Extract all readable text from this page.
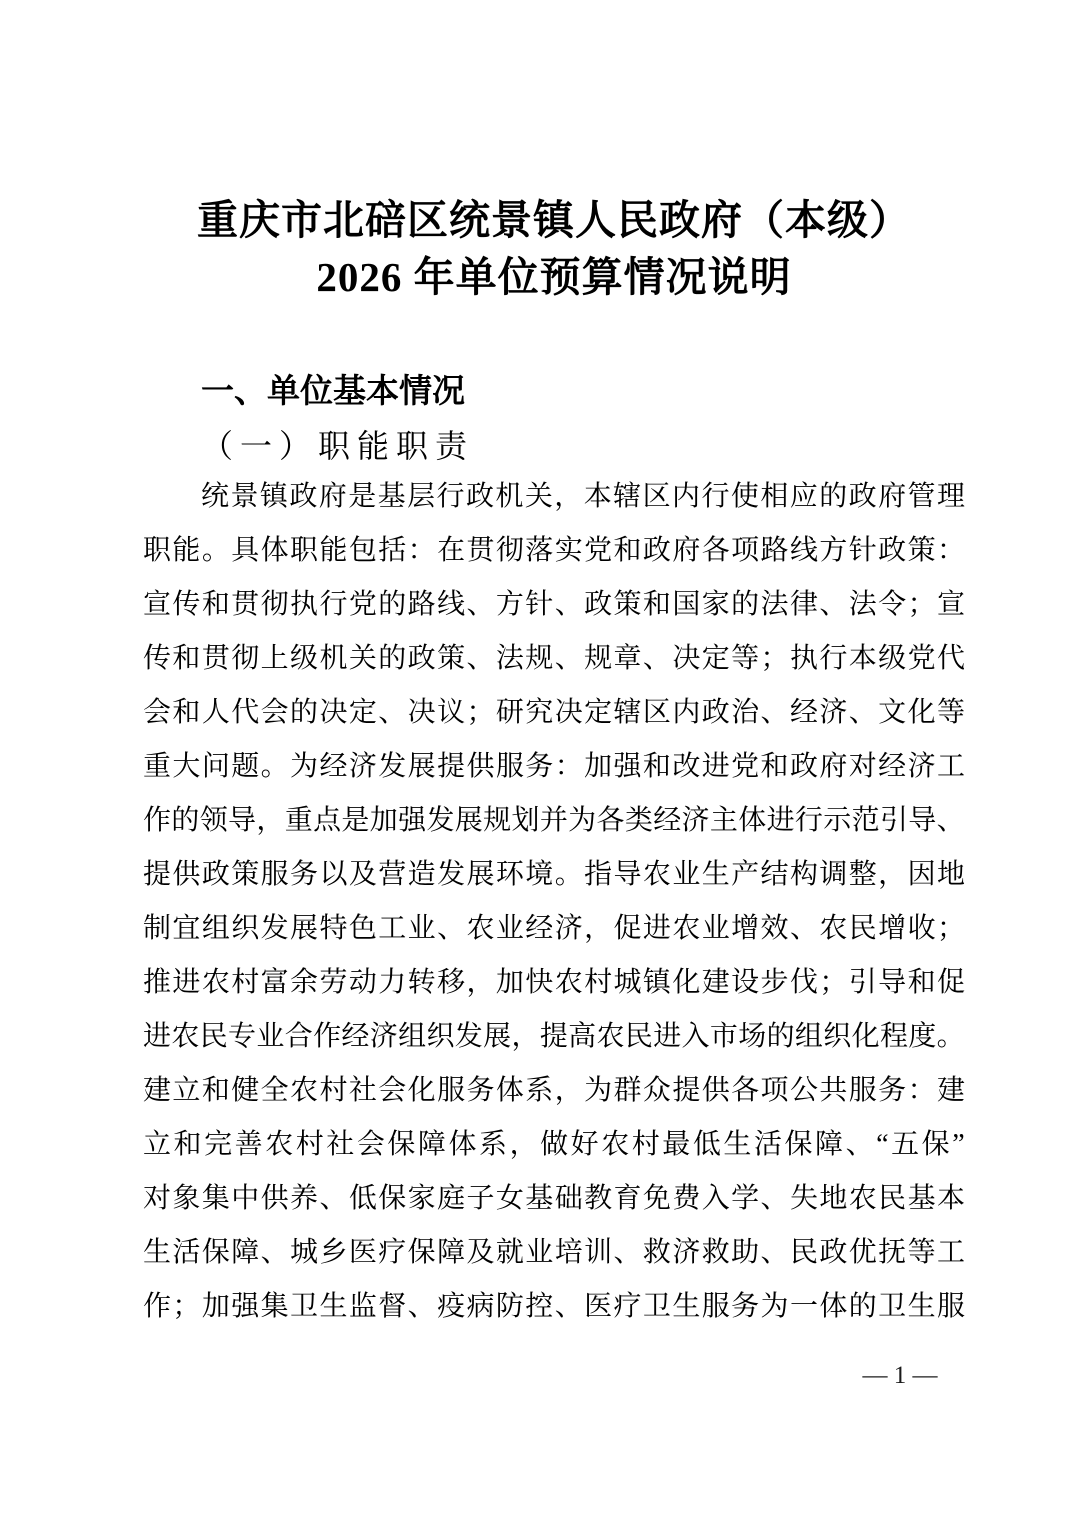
重庆市北碚区统景镇人民政府（本级）
2026 年单位预算情况说明
一、单位基本情况
（一）职能职责
统 景 镇 政 府 是 基 层 行 政 机 关 ， 本 辖 区 内 行 使 相 应 的 政 府 管 理
职 能 。 具 体 职 能 包 括 ： 在 贯 彻 落 实 党 和 政 府 各 项 路 线 方 针 政 策 ：
宣 传 和 贯 彻 执 行 党 的 路 线 、 方 针 、 政 策 和 国 家 的 法 律 、 法 令 ； 宣
传 和 贯 彻 上 级 机 关 的 政 策 、 法 规 、 规 章 、 决 定 等 ； 执 行 本 级 党 代
会 和 人 代 会 的 决 定 、 决 议 ； 研 究 决 定 辖 区 内 政 治 、 经 济 、 文 化 等
重 大 问 题 。 为 经 济 发 展 提 供 服 务 ： 加 强 和 改 进 党 和 政 府 对 经 济 工
作 的 领 导 ， 重 点 是 加 强 发 展 规 划 并 为 各 类 经 济 主 体 进 行 示 范 引 导 、
提 供 政 策 服 务 以 及 营 造 发 展 环 境 。 指 导 农 业 生 产 结 构 调 整 ， 因 地
制 宜 组 织 发 展 特 色 工 业 、 农 业 经 济 ， 促 进 农 业 增 效 、 农 民 增 收 ；
推 进 农 村 富 余 劳 动 力 转 移 ， 加 快 农 村 城 镇 化 建 设 步 伐 ； 引 导 和 促
进 农 民 专 业 合 作 经 济 组 织 发 展 ， 提 高 农 民 进 入 市 场 的 组 织 化 程 度 。
建 立 和 健 全 农 村 社 会 化 服 务 体 系 ， 为 群 众 提 供 各 项 公 共 服 务 ： 建
立 和 完 善 农 村 社 会 保 障 体 系 ， 做 好 农 村 最 低 生 活 保 障 、 “ 五 保 ”
对 象 集 中 供 养 、 低 保 家 庭 子 女 基 础 教 育 免 费 入 学 、 失 地 农 民 基 本
生 活 保 障 、 城 乡 医 疗 保 障 及 就 业 培 训 、 救 济 救 助 、 民 政 优 抚 等 工
作 ； 加 强 集 卫 生 监 督 、 疫 病 防 控 、 医 疗 卫 生 服 务 为 一 体 的 卫 生 服
— 1 —
